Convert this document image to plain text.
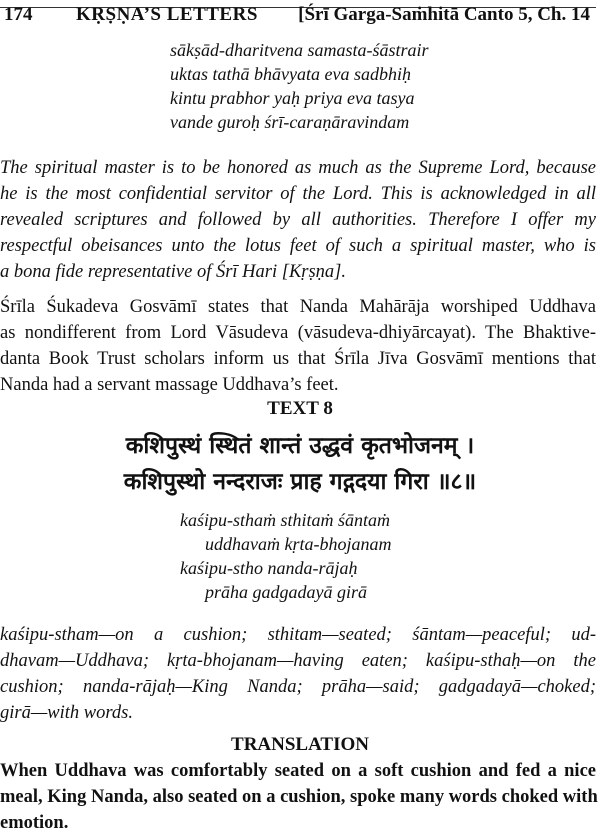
174 KṚṢṆA’S LETTERS [Śrī Garga-Saṁhitā Canto 5, Ch. 14
sākṣād-dharitvena samasta-śāstrair
uktas tathā bhāvyata eva sadbhiḥ
kintu prabhor yaḥ priya eva tasya
vande guroḥ śrī-caraṇāravindam
The spiritual master is to be honored as much as the Supreme Lord, because
he is the most confidential servitor of the Lord. This is acknowledged in all
revealed scriptures and followed by all authorities. Therefore I offer my
respectful obeisances unto the lotus feet of such a spiritual master, who is
a bona fide representative of Śrī Hari [Kṛṣṇa].
Śrīla Śukadeva Gosvāmī states that Nanda Mahārāja worshiped Uddhava
as nondifferent from Lord Vāsudeva (vāsudeva-dhiyārcayat). The Bhaktive-
danta Book Trust scholars inform us that Śrīla Jīva Gosvāmī mentions that
Nanda had a servant massage Uddhava’s feet.
TEXT 8
कशिपुस्थं स्थितं शान्तं उद्धवं कृतभोजनम् ।
कशिपुस्थो नन्दराजः प्राह गद्गदया गिरा ॥८॥
kaśipu-sthaṁ sthitaṁ śāntaṁ
uddhavaṁ kṛta-bhojanam
kaśipu-stho nanda-rājaḥ
prāha gadgadayā girā
kaśipu-stham—on a cushion; sthitam—seated; śāntam—peaceful; ud-
dhavam—Uddhava; kṛta-bhojanam—having eaten; kaśipu-sthaḥ—on the
cushion; nanda-rājaḥ—King Nanda; prāha—said; gadgadayā—choked;
girā—with words.
TRANSLATION
When Uddhava was comfortably seated on a soft cushion and fed a nice
meal, King Nanda, also seated on a cushion, spoke many words choked with
emotion.
